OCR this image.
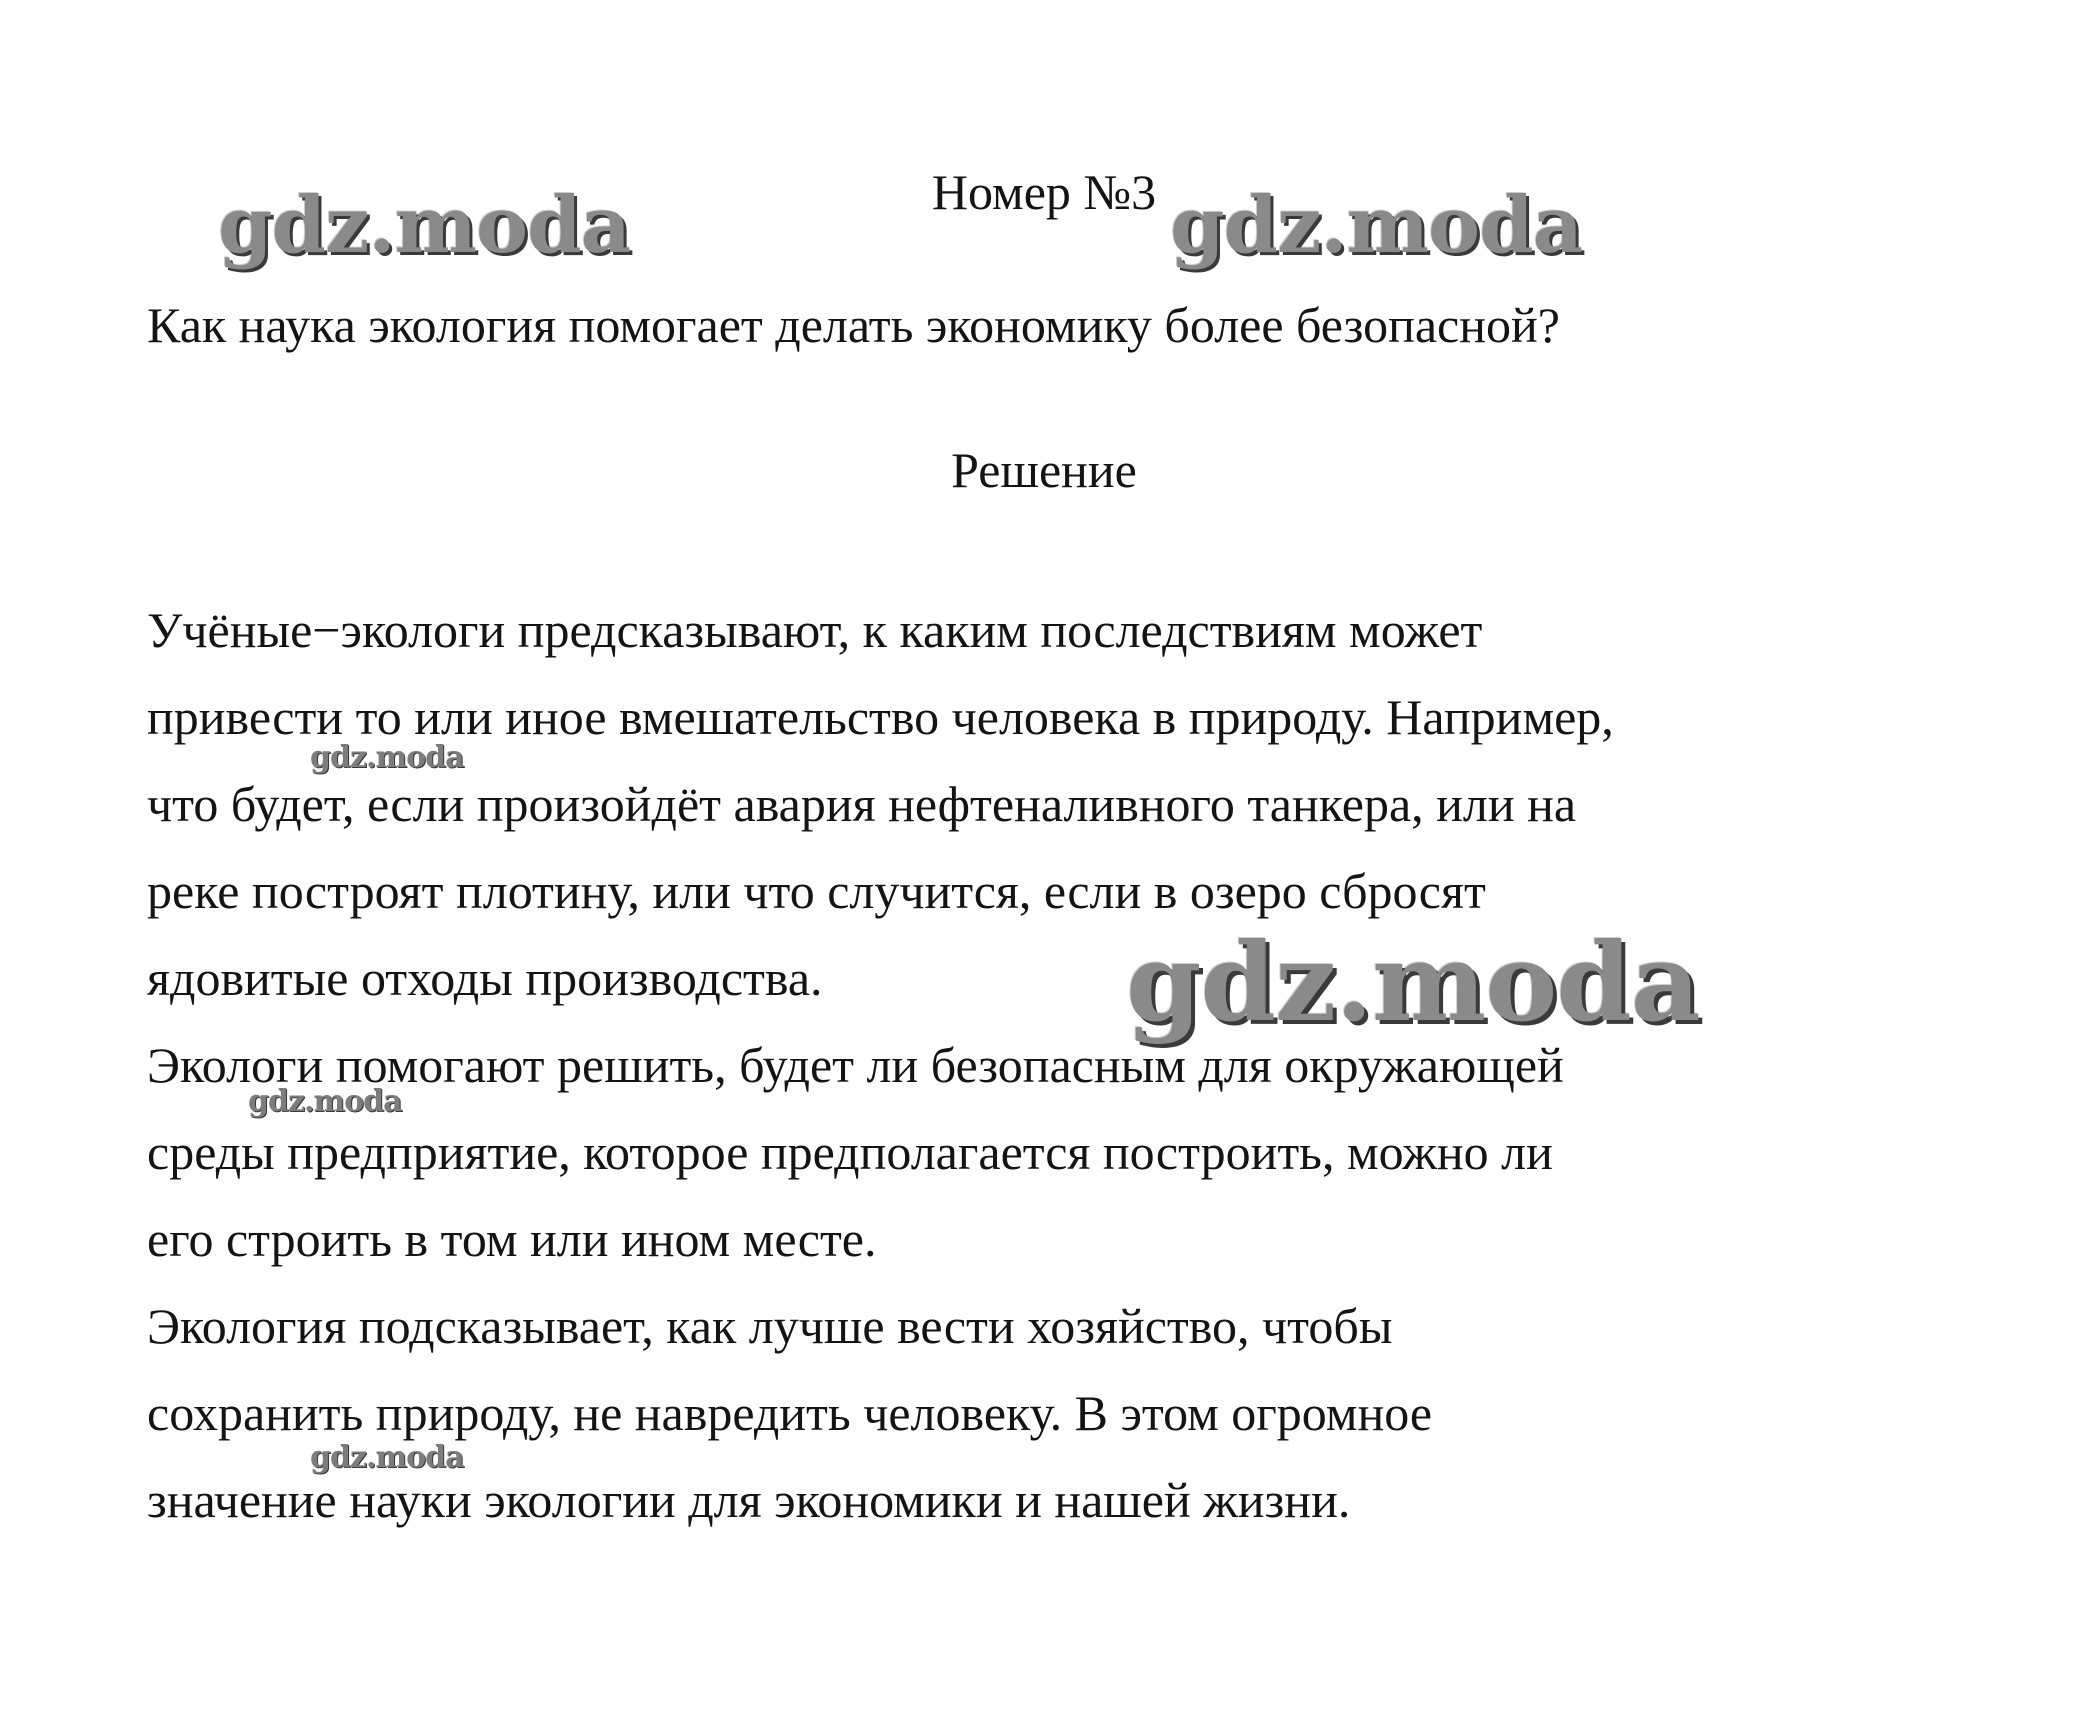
Номер №3

Как наука экология помогает делать экономику более безопасной?

Решение
Учёные−экологи предсказывают, к каким последствиям может
привести то или иное вмешательство человека в природу. Например,
что будет, если произойдёт авария нефтеналивного танкера, или на
реке построят плотину, или что случится, если в озеро сбросят
ядовитые отходы производства.
Экологи помогают решить, будет ли безопасным для окружающей
среды предприятие, которое предполагается построить, можно ли
его строить в том или ином месте.
Экология подсказывает, как лучше вести хозяйство, чтобы
сохранить природу, не навредить человеку. В этом огромное
значение науки экологии для экономики и нашей жизни.
gdz.moda	gdz.moda
gdz.moda
gdz.moda
gdz.moda
gdz.moda
